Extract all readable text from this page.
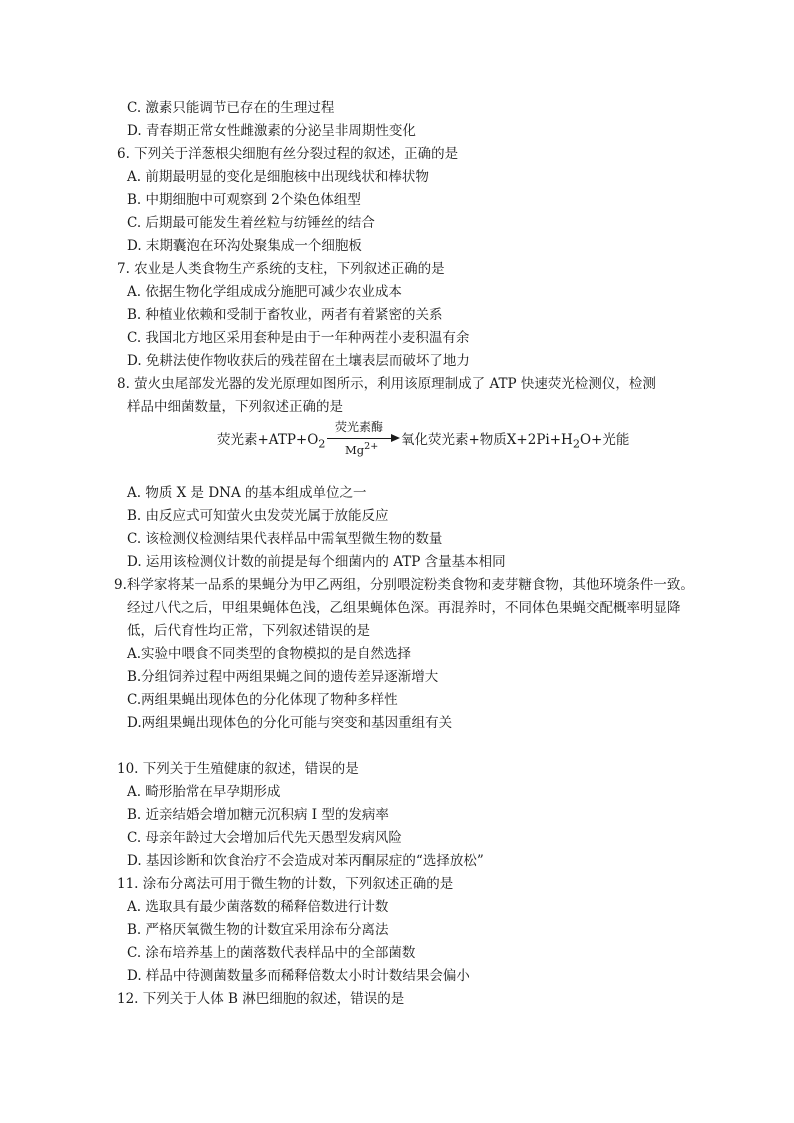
C. 激素只能调节已存在的生理过程
D. 青春期正常女性雌激素的分泌呈非周期性变化
6. 下列关于洋葱根尖细胞有丝分裂过程的叙述，正确的是
A. 前期最明显的变化是细胞核中出现线状和棒状物
B. 中期细胞中可观察到 2个染色体组型
C. 后期最可能发生着丝粒与纺锤丝的结合
D. 末期囊泡在环沟处聚集成一个细胞板
7. 农业是人类食物生产系统的支柱，下列叙述正确的是
A. 依据生物化学组成成分施肥可减少农业成本
B. 种植业依赖和受制于畜牧业，两者有着紧密的关系
C. 我国北方地区采用套种是由于一年种两茬小麦积温有余
D. 免耕法使作物收获后的残茬留在土壤表层而破坏了地力
8. 萤火虫尾部发光器的发光原理如图所示，利用该原理制成了 ATP 快速荧光检测仪，检测
样品中细菌数量，下列叙述正确的是
荧光素$+ATP+O_2$
荧光素酶
$Mg^{2+}$ 氧化荧光素+物质$X+2Pi+H_2O+$光能
A. 物质 X 是 DNA 的基本组成单位之一
B. 由反应式可知萤火虫发荧光属于放能反应
C. 该检测仪检测结果代表样品中需氧型微生物的数量
D. 运用该检测仪计数的前提是每个细菌内的 ATP 含量基本相同
9.科学家将某一品系的果蝇分为甲乙两组，分别喂淀粉类食物和麦芽糖食物，其他环境条件一致。
经过八代之后，甲组果蝇体色浅，乙组果蝇体色深。再混养时，不同体色果蝇交配概率明显降
低，后代育性均正常，下列叙述错误的是
A.实验中喂食不同类型的食物模拟的是自然选择
B.分组饲养过程中两组果蝇之间的遗传差异逐渐增大
C.两组果蝇出现体色的分化体现了物种多样性
D.两组果蝇出现体色的分化可能与突变和基因重组有关
10. 下列关于生殖健康的叙述，错误的是
A. 畸形胎常在早孕期形成
B. 近亲结婚会增加糖元沉积病 I 型的发病率
C. 母亲年龄过大会增加后代先天愚型发病风险
D. 基因诊断和饮食治疗不会造成对苯丙酮尿症的“选择放松”
11. 涂布分离法可用于微生物的计数，下列叙述正确的是
A. 选取具有最少菌落数的稀释倍数进行计数
B. 严格厌氧微生物的计数宜采用涂布分离法
C. 涂布培养基上的菌落数代表样品中的全部菌数
D. 样品中待测菌数量多而稀释倍数太小时计数结果会偏小
12. 下列关于人体 B 淋巴细胞的叙述，错误的是
